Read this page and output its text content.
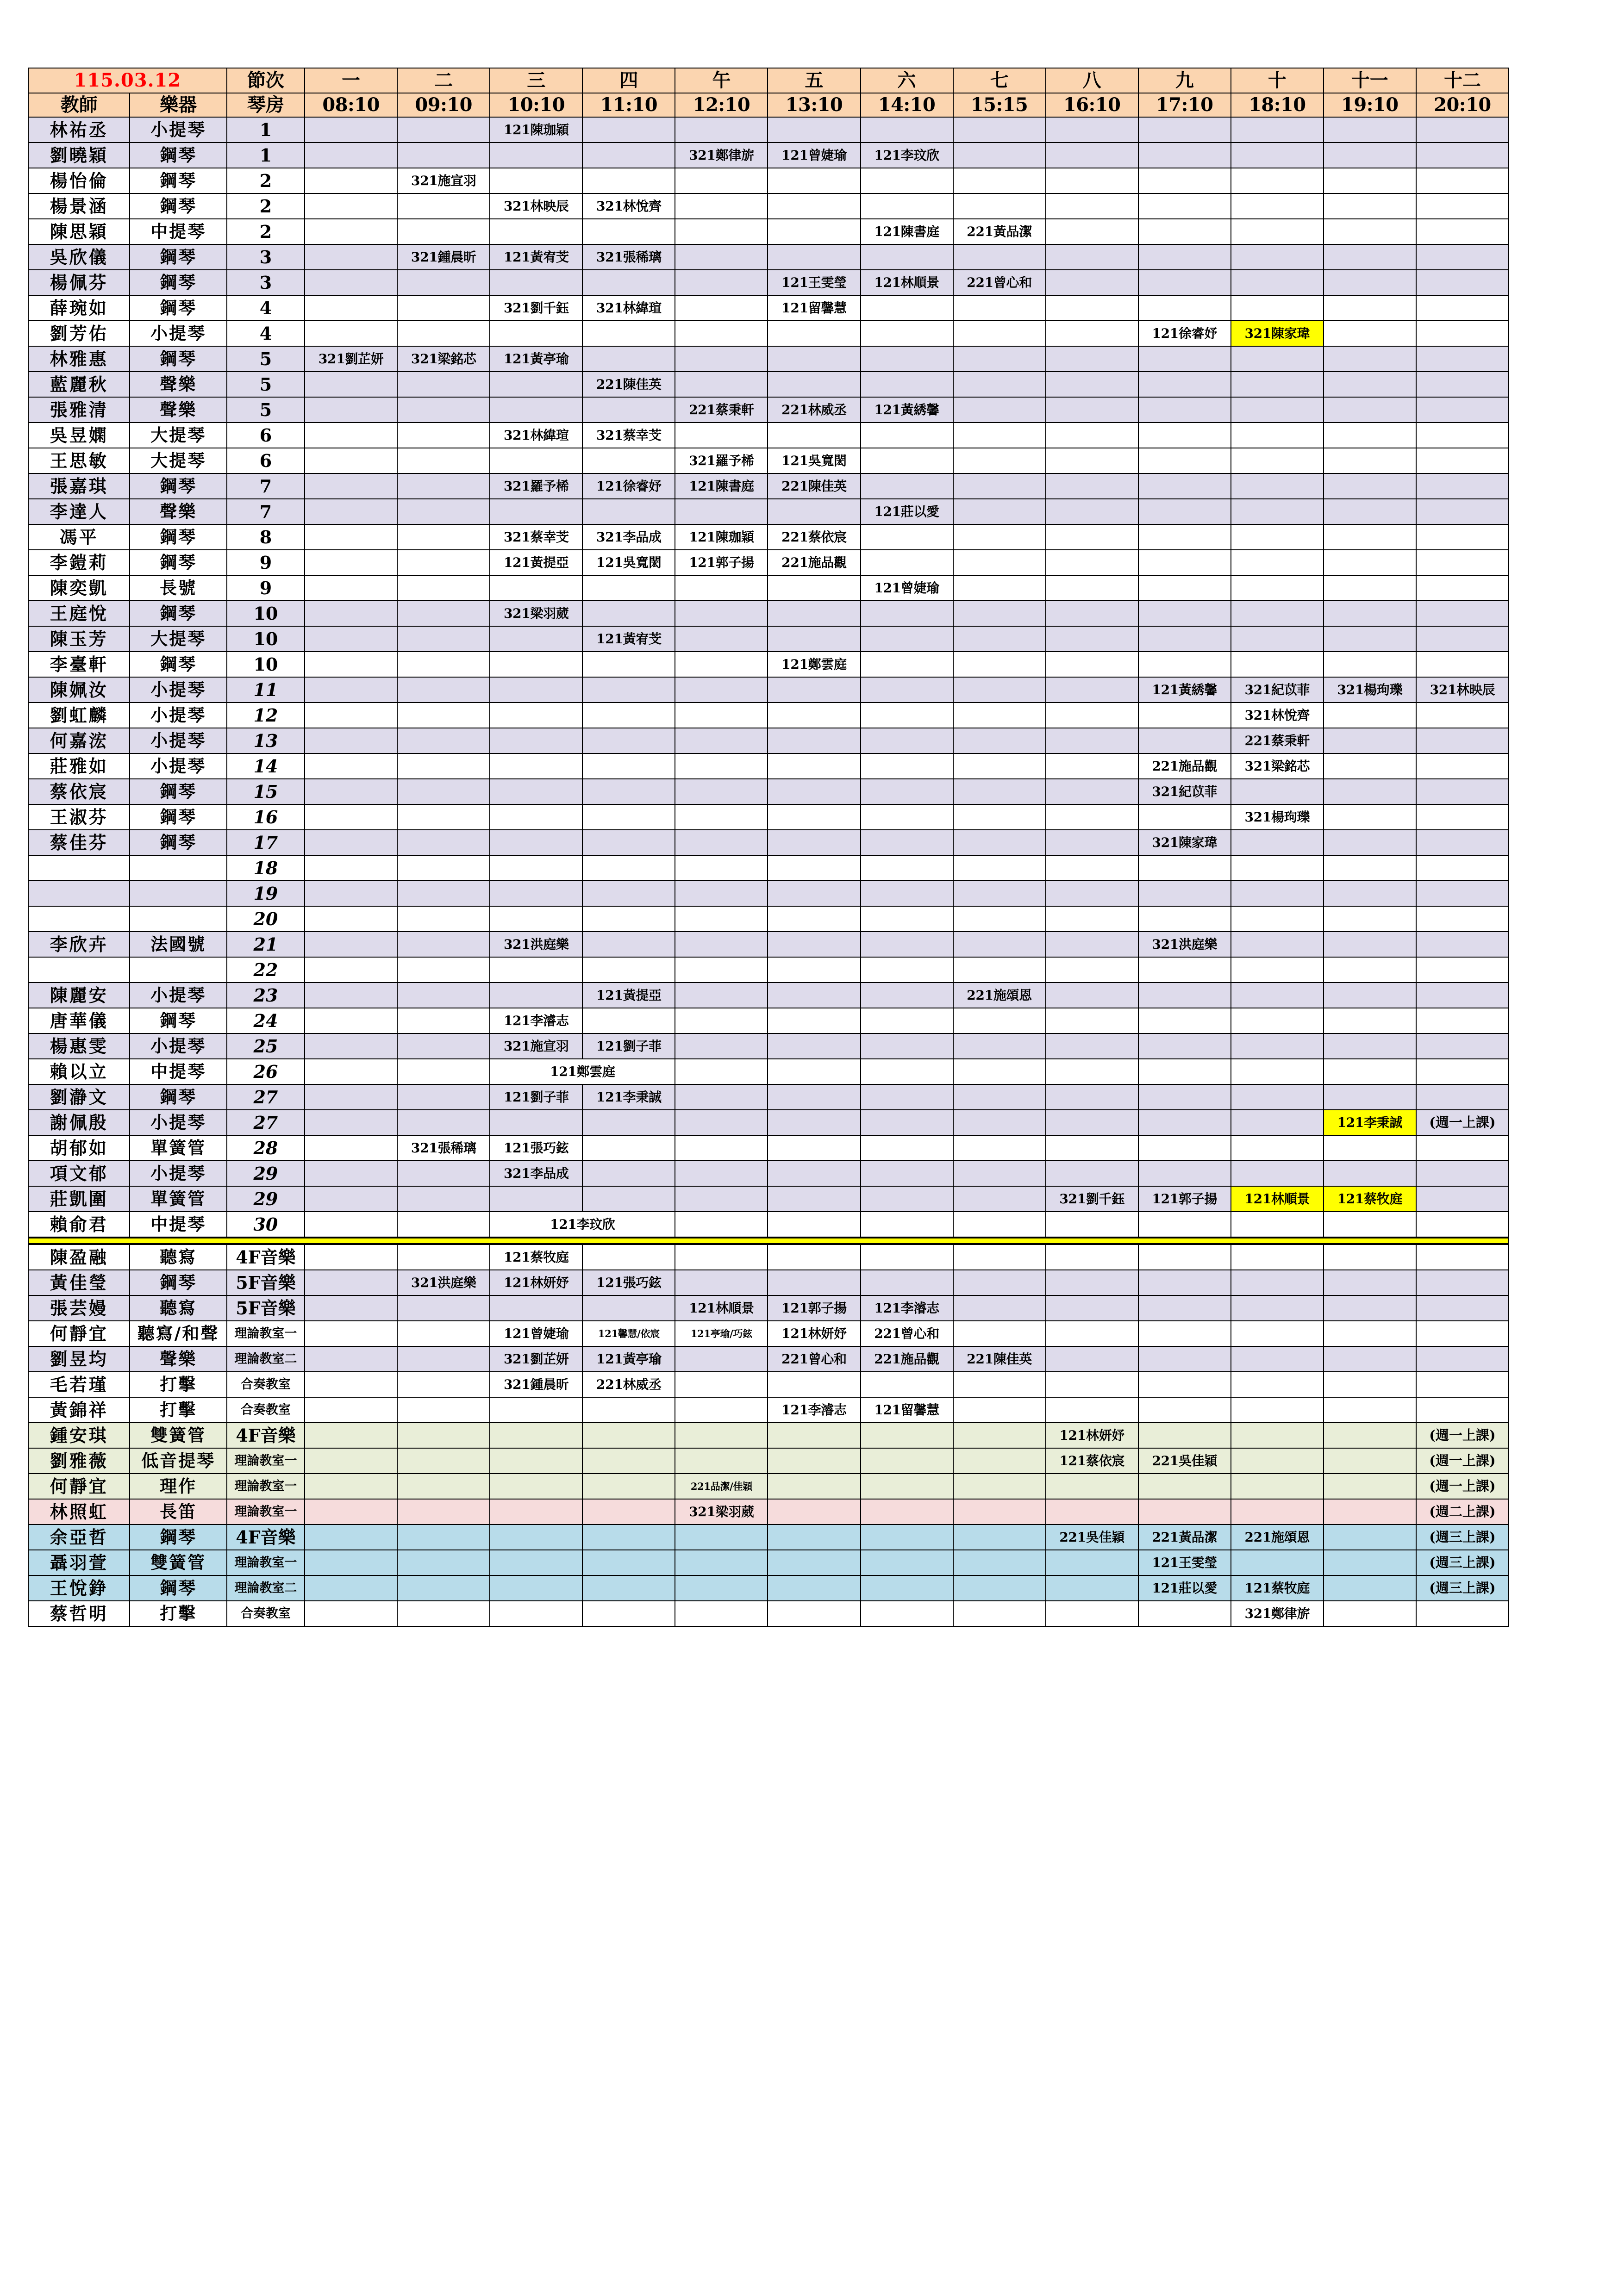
115.03.12		節次	一	二	三	四	午	五	六	七	八	九	十	十一	十二
教師	樂器	琴房	08:10	09:10	10:10	11:10	12:10	13:10	14:10	15:15	16:10	17:10	18:10	19:10	20:10
林祐丞	小提琴	1			121陳珈穎										
劉曉穎	鋼琴	1					321鄭律旂	121曾婕瑜	121李玟欣						
楊怡倫	鋼琴	2		321施宣羽											
楊景涵	鋼琴	2			321林映辰	321林悅齊									
陳思穎	中提琴	2							121陳書庭	221黃品潔					
吳欣儀	鋼琴	3		321鍾晨昕	121黃宥芠	321張稀璃									
楊佩芬	鋼琴	3						121王雯瑩	121林順景	221曾心和					
薛琬如	鋼琴	4			321劉千鈺	321林緯瑄		121留馨慧							
劉芳佑	小提琴	4										121徐睿妤	321陳家瑋		
林雅惠	鋼琴	5	321劉芷妍	321梁銘芯	121黃亭瑜										
藍麗秋	聲樂	5				221陳佳英									
張雅清	聲樂	5					221蔡秉軒	221林威丞	121黃綉馨						
吳昱嫻	大提琴	6			321林緯瑄	321蔡幸芠									
王思敏	大提琴	6					321羅予桸	121吳寬閎							
張嘉琪	鋼琴	7			321羅予桸	121徐睿妤	121陳書庭	221陳佳英							
李達人	聲樂	7							121莊以愛						
馮平	鋼琴	8			321蔡幸芠	321李品成	121陳珈穎	221蔡依宸							
李鎧莉	鋼琴	9			121黃提亞	121吳寬閎	121郭子揚	221施品觀							
陳奕凱	長號	9							121曾婕瑜						
王庭悅	鋼琴	10			321梁羽葳										
陳玉芳	大提琴	10				121黃宥芠									
李臺軒	鋼琴	10						121鄭雲庭							
陳姵汝	小提琴	11										121黃綉馨	321紀苡菲	321楊玽瓅	321林映辰
劉虹麟	小提琴	12											321林悅齊		
何嘉浤	小提琴	13											221蔡秉軒		
莊雅如	小提琴	14										221施品觀	321梁銘芯		
蔡依宸	鋼琴	15										321紀苡菲			
王淑芬	鋼琴	16											321楊玽瓅		
蔡佳芬	鋼琴	17										321陳家瑋			
		18													
		19													
		20													
李欣卉	法國號	21			321洪庭樂							321洪庭樂			
		22													
陳麗安	小提琴	23				121黃提亞				221施頌恩					
唐華儀	鋼琴	24			121李濬志										
楊惠雯	小提琴	25			321施宣羽	121劉子菲									
賴以立	中提琴	26			121鄭雲庭										
劉瀞文	鋼琴	27			121劉子菲	121李秉誠									
謝佩殷	小提琴	27												121李秉誠	(週一上課)
胡郁如	單簧管	28		321張稀璃	121張巧鉉										
項文郁	小提琴	29			321李品成										
莊凱圍	單簧管	29									321劉千鈺	121郭子揚	121林順景	121蔡牧庭	
賴俞君	中提琴	30			121李玟欣										

陳盈融	聽寫	4F音樂			121蔡牧庭										
黃佳瑩	鋼琴	5F音樂		321洪庭樂	121林妍妤	121張巧鉉									
張芸嫚	聽寫	5F音樂					121林順景	121郭子揚	121李濬志						
何靜宜	聽寫/和聲	理論教室一			121曾婕瑜	121馨慧/依宸	121亭瑜/巧鉉	121林妍妤	221曾心和						
劉昱均	聲樂	理論教室二			321劉芷妍	121黃亭瑜		221曾心和	221施品觀	221陳佳英					
毛若瑾	打擊	合奏教室			321鍾晨昕	221林威丞									
黃錦祥	打擊	合奏教室						121李濬志	121留馨慧						
鍾安琪	雙簧管	4F音樂									121林妍妤				(週一上課)
劉雅薇	低音提琴	理論教室一									121蔡依宸	221吳佳穎			(週一上課)
何靜宜	理作	理論教室一					221品潔/佳穎								(週一上課)
林照虹	長笛	理論教室一					321梁羽葳								(週二上課)
余亞哲	鋼琴	4F音樂									221吳佳穎	221黃品潔	221施頌恩		(週三上課)
聶羽萱	雙簧管	理論教室一										121王雯瑩			(週三上課)
王悅錚	鋼琴	理論教室二										121莊以愛	121蔡牧庭		(週三上課)
蔡哲明	打擊	合奏教室											321鄭律旂		
